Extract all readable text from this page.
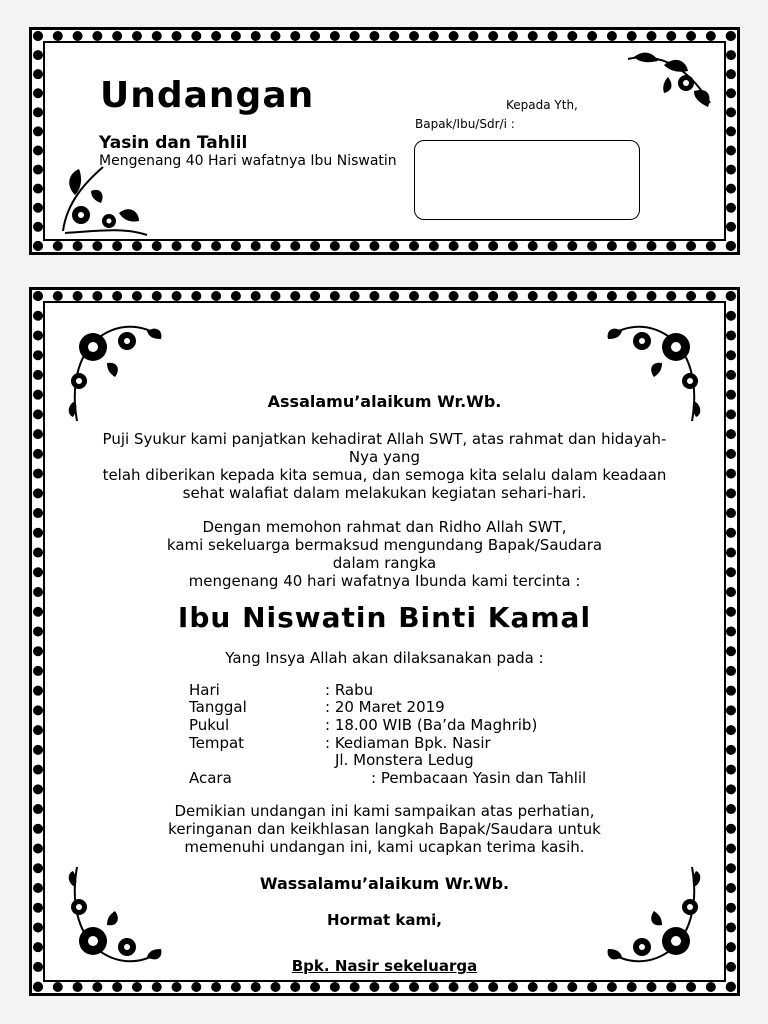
Undangan
Yasin dan Tahlil
Mengenang 40 Hari wafatnya Ibu Niswatin
Kepada Yth,
Bapak/Ibu/Sdr/i :
Assalamu’alaikum Wr.Wb.
Puji Syukur kami panjatkan kehadirat Allah SWT, atas rahmat dan hidayah-
Nya yang
telah diberikan kepada kita semua, dan semoga kita selalu dalam keadaan
sehat walafiat dalam melakukan kegiatan sehari-hari.
Dengan memohon rahmat dan Ridho Allah SWT,
kami sekeluarga bermaksud mengundang Bapak/Saudara
dalam rangka
mengenang 40 hari wafatnya Ibunda kami tercinta :
Ibu Niswatin Binti Kamal
Yang Insya Allah akan dilaksanakan pada :
Hari	: Rabu
Tanggal	: 20 Maret 2019
Pukul	: 18.00 WIB (Ba’da Maghrib)
Tempat	: Kediaman Bpk. Nasir
Jl. Monstera Ledug
Acara	: Pembacaan Yasin dan Tahlil
Demikian undangan ini kami sampaikan atas perhatian,
keringanan dan keikhlasan langkah Bapak/Saudara untuk
memenuhi undangan ini, kami ucapkan terima kasih.
Wassalamu’alaikum Wr.Wb.
Hormat kami,
Bpk. Nasir sekeluarga
